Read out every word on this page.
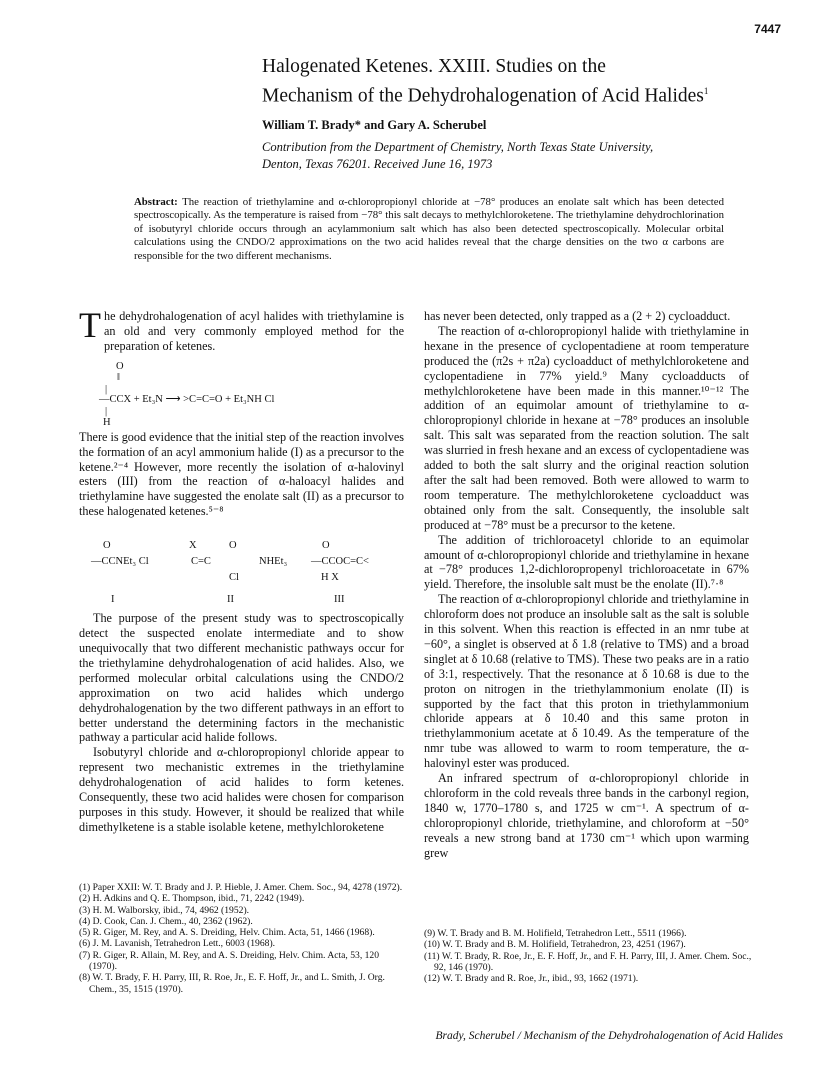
7447
Halogenated Ketenes. XXIII. Studies on the
Mechanism of the Dehydrohalogenation of Acid Halides$^1$
William T. Brady* and Gary A. Scherubel
Contribution from the Department of Chemistry, North Texas State University,
Denton, Texas 76201. Received June 16, 1973
Abstract: The reaction of triethylamine and α-chloropropionyl chloride at −78° produces an enolate salt which has been detected spectroscopically. As the temperature is raised from −78° this salt decays to methylchloroketene. The triethylamine dehydrochlorination of isobutyryl chloride occurs through an acylammonium salt which has also been detected spectroscopically. Molecular orbital calculations using the CNDO/2 approximations on the two acid halides reveal that the charge densities on the two α carbons are responsible for the two different mechanisms.

The dehydrohalogenation of acyl halides with triethylamine is an old and very commonly employed method for the preparation of ketenes.

O
‖
|
—CCX + Et₃N ⟶ >C=C=O + Et₃NH Cl
|
H

There is good evidence that the initial step of the reaction involves the formation of an acyl ammonium halide (I) as a precursor to the ketene.²⁻⁴ However, more recently the isolation of α-halovinyl esters (III) from the reaction of α-haloacyl halides and triethylamine have suggested the enolate salt (II) as a precursor to these halogenated ketenes.⁵⁻⁸

O
—CCNEt₃ Cl
X	O
C=C
Cl
NHEt₃
O
—CCOC=C<
H X
I	II	III

The purpose of the present study was to spectroscopically detect the suspected enolate intermediate and to show unequivocally that two different mechanistic pathways occur for the triethylamine dehydrohalogenation of acid halides. Also, we performed molecular orbital calculations using the CNDO/2 approximation on two acid halides which undergo dehydrohalogenation by the two different pathways in an effort to better understand the determining factors in the mechanistic pathway a particular acid halide follows.

Isobutyryl chloride and α-chloropropionyl chloride appear to represent two mechanistic extremes in the triethylamine dehydrohalogenation of acid halides to form ketenes. Consequently, these two acid halides were chosen for comparison purposes in this study. However, it should be realized that while dimethylketene is a stable isolable ketene, methylchloroketene

has never been detected, only trapped as a (2 + 2) cycloadduct.

The reaction of α-chloropropionyl halide with triethylamine in hexane in the presence of cyclopentadiene at room temperature produced the (π2s + π2a) cycloadduct of methylchloroketene and cyclopentadiene in 77% yield.⁹ Many cycloadducts of methylchloroketene have been made in this manner.¹⁰⁻¹² The addition of an equimolar amount of triethylamine to α-chloropropionyl chloride in hexane at −78° produces an insoluble salt. This salt was separated from the reaction solution. The salt was slurried in fresh hexane and an excess of cyclopentadiene was added to both the salt slurry and the original reaction solution after the salt had been removed. Both were allowed to warm to room temperature. The methylchloroketene cycloadduct was obtained only from the salt. Consequently, the insoluble salt produced at −78° must be a precursor to the ketene.

The addition of trichloroacetyl chloride to an equimolar amount of α-chloropropionyl chloride and triethylamine in hexane at −78° produces 1,2-dichloropropenyl trichloroacetate in 67% yield. Therefore, the insoluble salt must be the enolate (II).⁷·⁸

The reaction of α-chloropropionyl chloride and triethylamine in chloroform does not produce an insoluble salt as the salt is soluble in this solvent. When this reaction is effected in an nmr tube at −60°, a singlet is observed at δ 1.8 (relative to TMS) and a broad singlet at δ 10.68 (relative to TMS). These two peaks are in a ratio of 3:1, respectively. That the resonance at δ 10.68 is due to the proton on nitrogen in the triethylammonium enolate (II) is supported by the fact that this proton in triethylammonium chloride appears at δ 10.40 and this same proton in triethylammonium acetate at δ 10.49. As the temperature of the nmr tube was allowed to warm to room temperature, the α-halovinyl ester was produced.

An infrared spectrum of α-chloropropionyl chloride in chloroform in the cold reveals three bands in the carbonyl region, 1840 w, 1770–1780 s, and 1725 w cm⁻¹. A spectrum of α-chloropropionyl chloride, triethylamine, and chloroform at −50° reveals a new strong band at 1730 cm⁻¹ which upon warming grew

(1) Paper XXII: W. T. Brady and J. P. Hieble, J. Amer. Chem. Soc., 94, 4278 (1972).
(2) H. Adkins and Q. E. Thompson, ibid., 71, 2242 (1949).
(3) H. M. Walborsky, ibid., 74, 4962 (1952).
(4) D. Cook, Can. J. Chem., 40, 2362 (1962).
(5) R. Giger, M. Rey, and A. S. Dreiding, Helv. Chim. Acta, 51, 1466 (1968).
(6) J. M. Lavanish, Tetrahedron Lett., 6003 (1968).
(7) R. Giger, R. Allain, M. Rey, and A. S. Dreiding, Helv. Chim. Acta, 53, 120 (1970).
(8) W. T. Brady, F. H. Parry, III, R. Roe, Jr., E. F. Hoff, Jr., and L. Smith, J. Org. Chem., 35, 1515 (1970).
(9) W. T. Brady and B. M. Holifield, Tetrahedron Lett., 5511 (1966).
(10) W. T. Brady and B. M. Holifield, Tetrahedron, 23, 4251 (1967).
(11) W. T. Brady, R. Roe, Jr., E. F. Hoff, Jr., and F. H. Parry, III, J. Amer. Chem. Soc., 92, 146 (1970).
(12) W. T. Brady and R. Roe, Jr., ibid., 93, 1662 (1971).
Brady, Scherubel / Mechanism of the Dehydrohalogenation of Acid Halides
